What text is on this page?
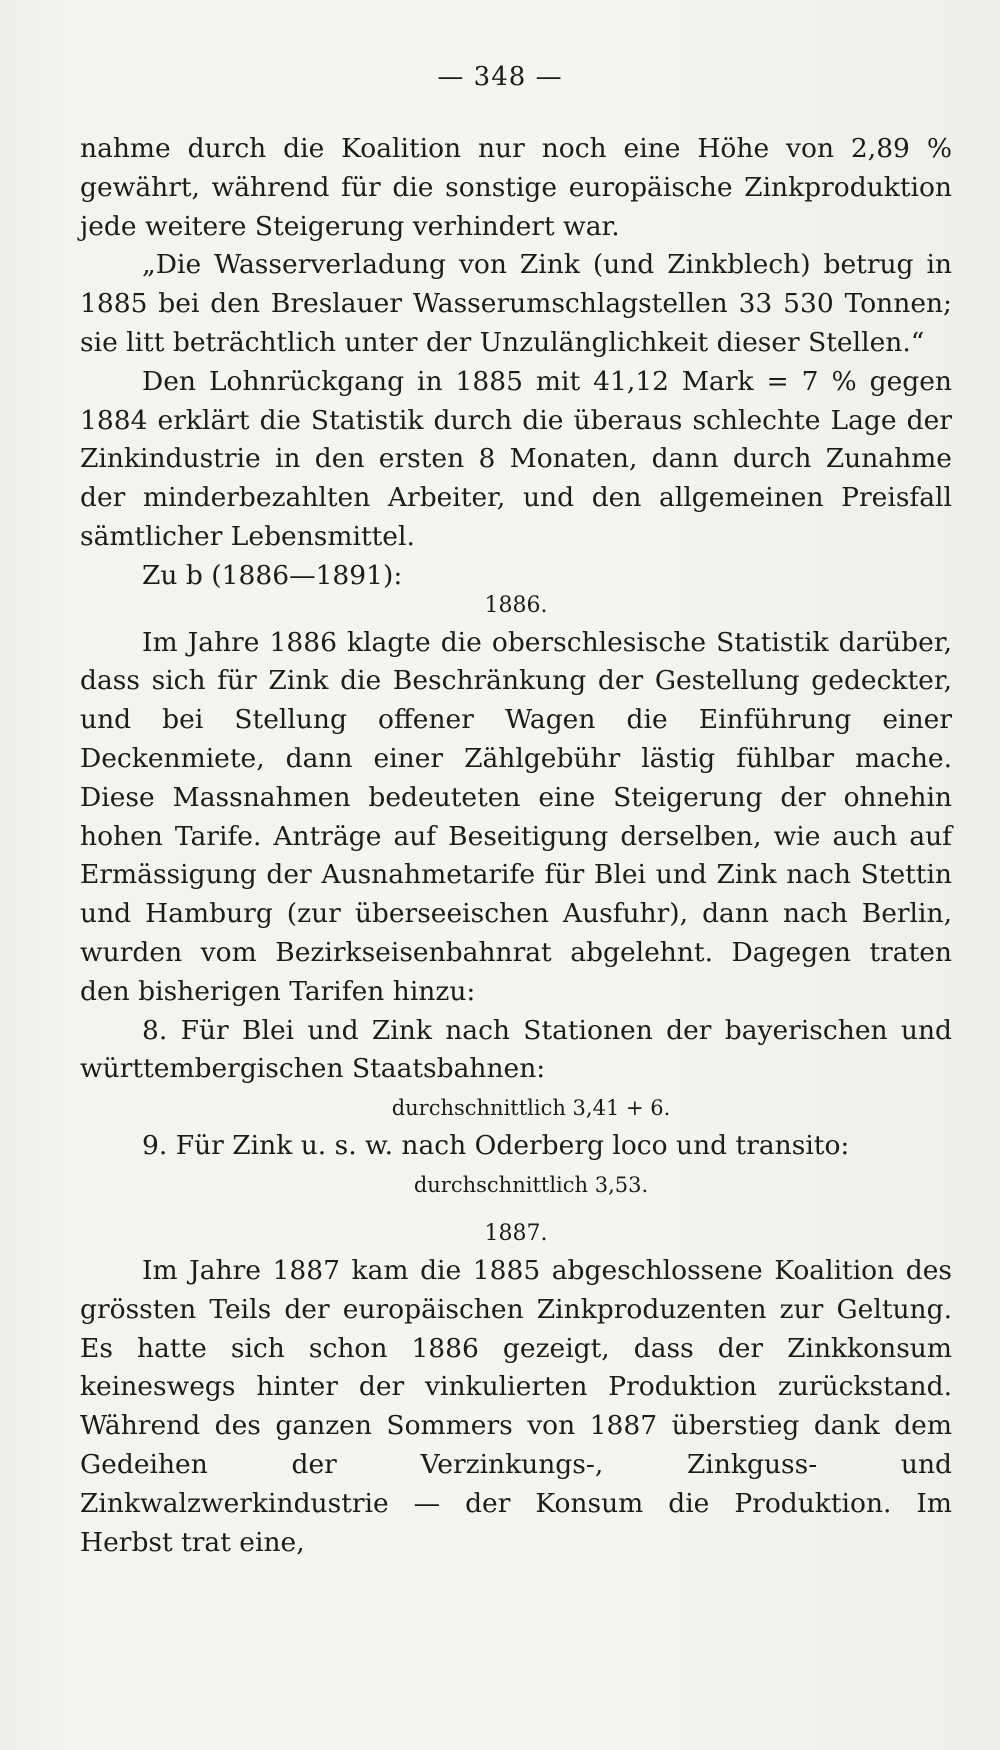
— 348 —

nahme durch die Koalition nur noch eine Höhe von 2,89 % gewährt, während für die sonstige europäische Zinkproduktion jede weitere Steigerung verhindert war.

„Die Wasserverladung von Zink (und Zinkblech) betrug in 1885 bei den Breslauer Wasserumschlagstellen 33 530 Tonnen; sie litt beträchtlich unter der Unzulänglichkeit dieser Stellen.“

Den Lohnrückgang in 1885 mit 41,12 Mark = 7 % gegen 1884 erklärt die Statistik durch die überaus schlechte Lage der Zinkindustrie in den ersten 8 Monaten, dann durch Zunahme der minderbezahlten Arbeiter, und den allgemeinen Preisfall sämtlicher Lebensmittel.

Zu b (1886—1891):

1886.

Im Jahre 1886 klagte die oberschlesische Statistik darüber, dass sich für Zink die Beschränkung der Gestellung gedeckter, und bei Stellung offener Wagen die Einführung einer Deckenmiete, dann einer Zählgebühr lästig fühlbar mache. Diese Massnahmen bedeuteten eine Steigerung der ohnehin hohen Tarife. Anträge auf Beseitigung derselben, wie auch auf Ermässigung der Ausnahmetarife für Blei und Zink nach Stettin und Hamburg (zur überseeischen Ausfuhr), dann nach Berlin, wurden vom Bezirkseisenbahnrat abgelehnt. Dagegen traten den bisherigen Tarifen hinzu:

8. Für Blei und Zink nach Stationen der bayerischen und württembergischen Staatsbahnen:

durchschnittlich 3,41 + 6.

9. Für Zink u. s. w. nach Oderberg loco und transito:

durchschnittlich 3,53.

1887.

Im Jahre 1887 kam die 1885 abgeschlossene Koalition des grössten Teils der europäischen Zinkproduzenten zur Geltung. Es hatte sich schon 1886 gezeigt, dass der Zinkkonsum keineswegs hinter der vinkulierten Produktion zurückstand. Während des ganzen Sommers von 1887 überstieg dank dem Gedeihen der Verzinkungs-, Zinkguss- und Zinkwalzwerkindustrie — der Konsum die Produktion. Im Herbst trat eine,
